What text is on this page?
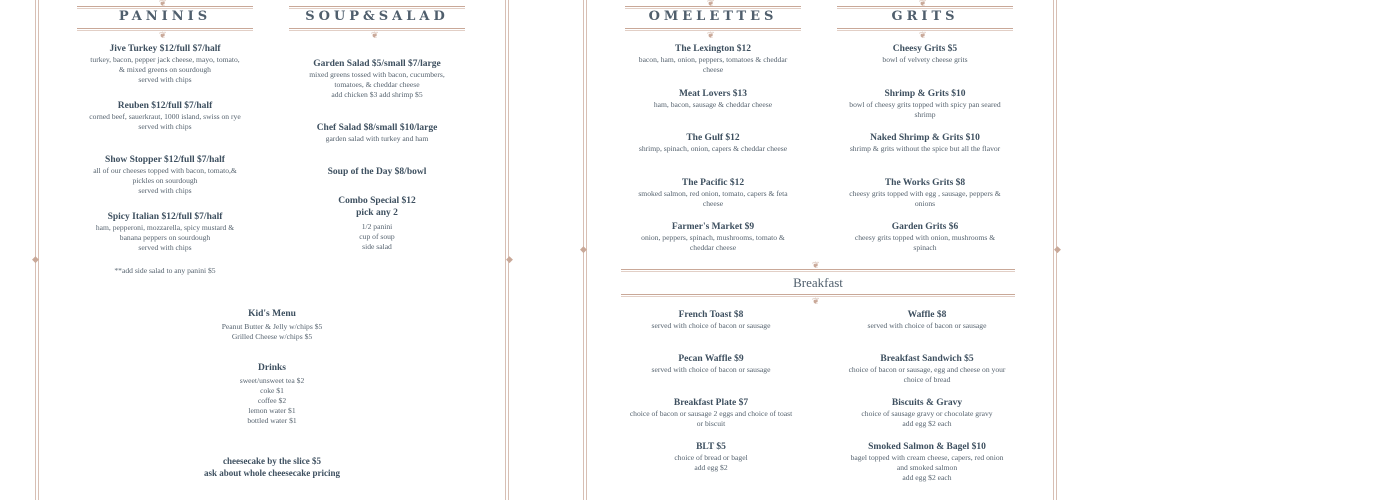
◆	◆
❦
PANINIS
❦
Jive Turkey $12/full $7/half
turkey, bacon, pepper jack cheese, mayo, tomato,
& mixed greens on sourdough
served with chips
Reuben $12/full $7/half
corned beef, sauerkraut, 1000 island, swiss on rye
served with chips
Show Stopper $12/full $7/half
all of our cheeses topped with bacon, tomato,&
pickles on sourdough
served with chips
Spicy Italian $12/full $7/half
ham, pepperoni, mozzarella, spicy mustard &
banana peppers on sourdough
served with chips
**add side salad to any panini $5
SOUP&SALAD
❦
Garden Salad $5/small $7/large
mixed greens tossed with bacon, cucumbers,
tomatoes, & cheddar cheese
add chicken $3 add shrimp $5
Chef Salad $8/small $10/large
garden salad with turkey and ham
Soup of the Day $8/bowl
Combo Special $12
pick any 2
1/2 panini
cup of soup
side salad
Kid's Menu
Peanut Butter & Jelly w/chips $5
Grilled Cheese w/chips $5
Drinks
sweet/unsweet tea $2
coke $1
coffee $2
lemon water $1
bottled water $1
cheesecake by the slice $5
ask about whole cheesecake pricing
◆	◆
❦
OMELETTES
❦
The Lexington $12
bacon, ham, onion, peppers, tomatoes & cheddar
cheese
Meat Lovers $13
ham, bacon, sausage & cheddar cheese
The Gulf $12
shrimp, spinach, onion, capers & cheddar cheese
The Pacific $12
smoked salmon, red onion, tomato, capers & feta
cheese
Farmer's Market $9
onion, peppers, spinach, mushrooms, tomato &
cheddar cheese
❦
GRITS
❦
Cheesy Grits $5
bowl of velvety cheese grits
Shrimp & Grits $10
bowl of cheesy grits topped with spicy pan seared
shrimp
Naked Shrimp & Grits $10
shrimp & grits without the spice but all the flavor
The Works Grits $8
cheesy grits topped with egg , sausage, peppers &
onions
Garden Grits $6
cheesy grits topped with onion, mushrooms &
spinach
❦
Breakfast
❦
French Toast $8
served with choice of bacon or sausage
Pecan Waffle $9
served with choice of bacon or sausage
Breakfast Plate $7
choice of bacon or sausage 2 eggs and choice of toast
or biscuit
BLT $5
choice of bread or bagel
add egg $2
Waffle $8
served with choice of bacon or sausage
Breakfast Sandwich $5
choice of bacon or sausage, egg and cheese on your
choice of bread
Biscuits & Gravy
choice of sausage gravy or chocolate gravy
add egg $2 each
Smoked Salmon & Bagel $10
bagel topped with cream cheese, capers, red onion
and smoked salmon
add egg $2 each
